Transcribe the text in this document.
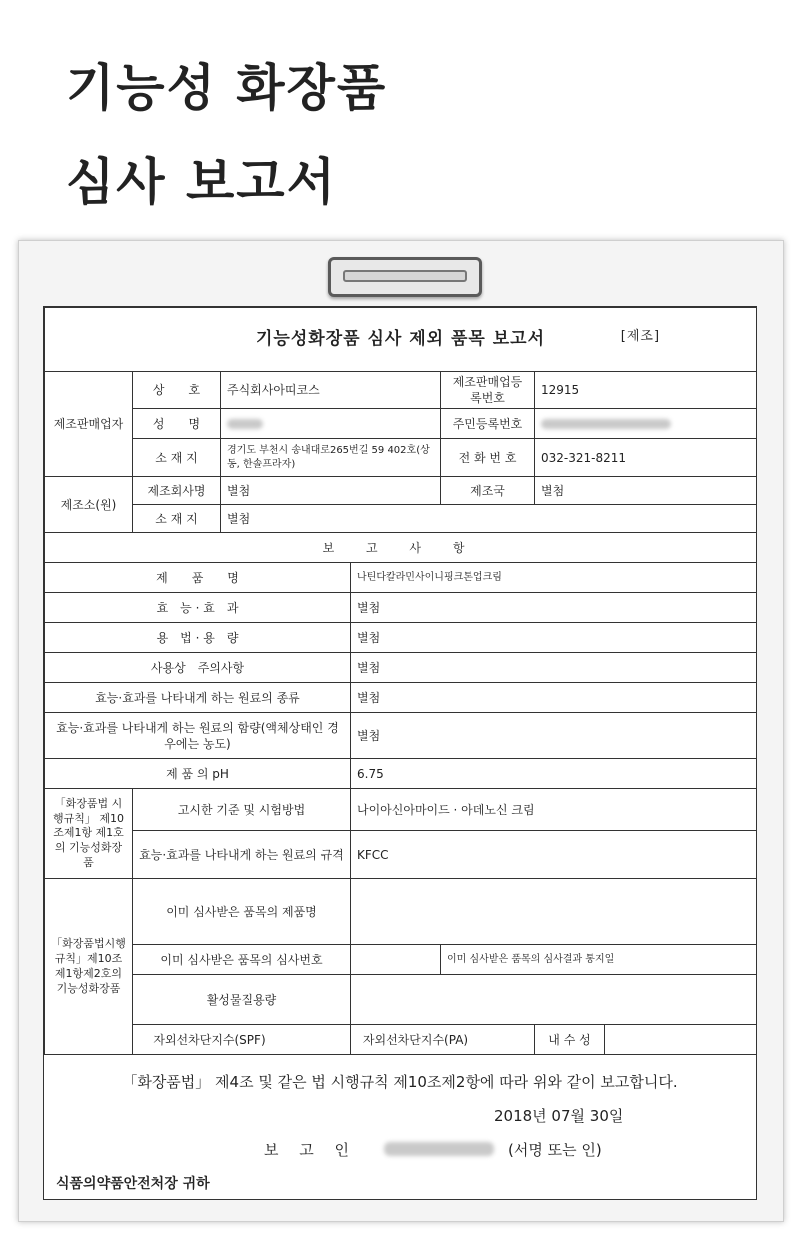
기능성 화장품
심사 보고서
기능성화장품 심사 제외 품목 보고서 [제조]						

제조판매업자	상　　호	주식회사아띠코스		제조판매업등록번호	12915	
	성　　명			주민등록번호		
	소 재 지	경기도 부천시 송내대로265번길 59 402호(상동, 한솔프라자)		전 화 번 호	032-321-8211	
제조소(원)	제조회사명	별첨		제조국	별첨	
	소 재 지	별첨				
보 고 사 항						
제　　품　　명			나틴다칼라민사이니핑크톤업크림			
효　능 · 효　과			별첨			
용　법 · 용　량			별첨			
사용상　주의사항			별첨			
효능·효과를 나타내게 하는 원료의 종류			별첨			
효능·효과를 나타내게 하는 원료의 함량(액체상태인 경우에는 농도)			별첨			
제 품 의 pH			6.75			
「화장품법 시행규칙」 제10조제1항 제1호의 기능성화장품	고시한 기준 및 시험방법		나이아신아마이드 · 아데노신 크림			
	효능·효과를 나타내게 하는 원료의 규격		KFCC			
「화장품법시행규칙」제10조제1항제2호의기능성화장품	이미 심사받은 품목의 제품명					
	이미 심사받은 품목의 심사번호			이미 심사받은 품목의 심사결과 통지일		
	활성물질용량					
	자외선차단지수(SPF)		자외선차단지수(PA)		내 수 성	
「화장품법」 제4조 및 같은 법 시행규칙 제10조제2항에 따라 위와 같이 보고합니다.
2018년 07월 30일
보 고 인	(서명 또는 인)
식품의약품안전처장 귀하
